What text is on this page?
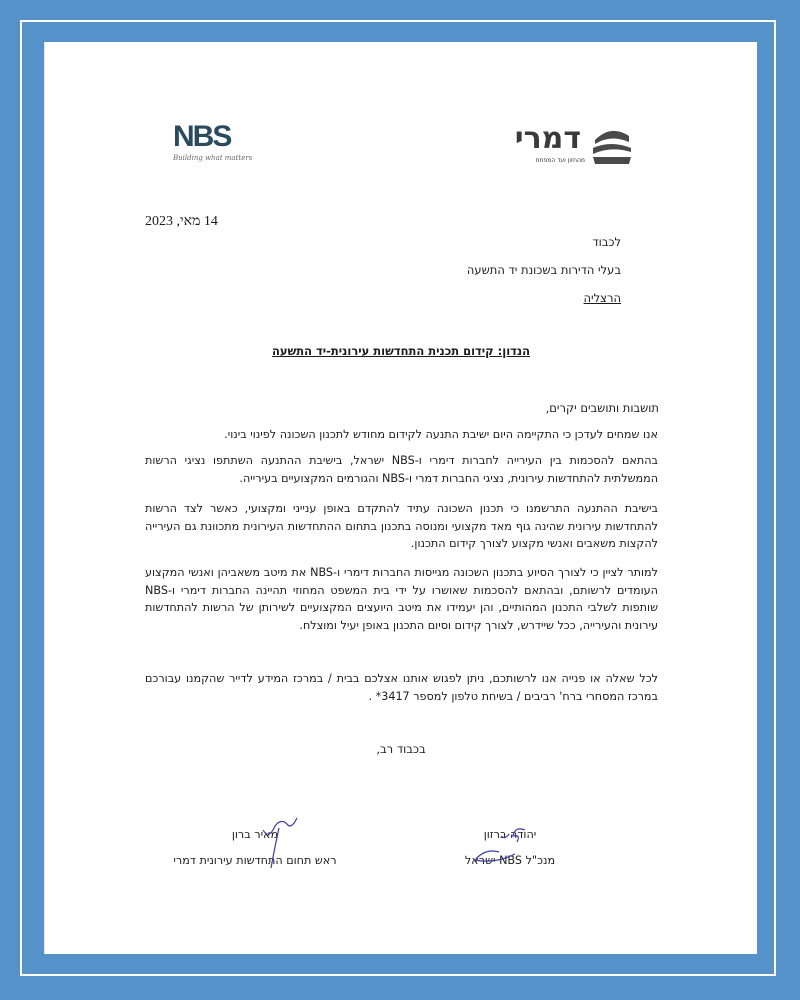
NBS
Building what matters
דמרי
מהחזון ועד המפתח
14 מאי, 2023
לכבוד
בעלי הדירות בשכונת יד התשעה
הרצליה
הנדון: קידום תכנית התחדשות עירונית-יד התשעה
תושבות ותושבים יקרים,
אנו שמחים לעדכן כי התקיימה היום ישיבת התנעה לקידום מחודש לתכנון השכונה לפינוי בינוי.
בהתאם להסכמות בין העירייה לחברות דימרי ו-NBS ישראל, בישיבת ההתנעה השתתפו נציגי הרשות הממשלתית להתחדשות עירונית, נציגי החברות דמרי ו-NBS והגורמים המקצועיים בעירייה.
בישיבת ההתנעה התרשמנו כי תכנון השכונה עתיד להתקדם באופן ענייני ומקצועי, כאשר לצד הרשות להתחדשות עירונית שהינה גוף מאד מקצועי ומנוסה בתכנון בתחום ההתחדשות העירונית מתכוונת גם העירייה להקצות משאבים ואנשי מקצוע לצורך קידום התכנון.
למותר לציין כי לצורך הסיוע בתכנון השכונה מגייסות החברות דימרי ו-NBS את מיטב משאביהן ואנשי המקצוע העומדים לרשותם, ובהתאם להסכמות שאושרו על ידי בית המשפט המחוזי תהיינה החברות דימרי ו-NBS שותפות לשלבי התכנון המהותיים, והן יעמידו את מיטב היועצים המקצועיים לשירותן של הרשות להתחדשות עירונית והעירייה, ככל שיידרש, לצורך קידום וסיום התכנון באופן יעיל ומוצלח.
לכל שאלה או פנייה אנו לרשותכם, ניתן לפגוש אותנו אצלכם בבית / במרכז המידע לדייר שהקמנו עבורכם במרכז המסחרי ברח' רביבים / בשיחת טלפון למספר 3417* .
בכבוד רב,
יהודה ברזון
מנכ"ל NBS ישראל
מאיר ברון
ראש תחום התחדשות עירונית דמרי
